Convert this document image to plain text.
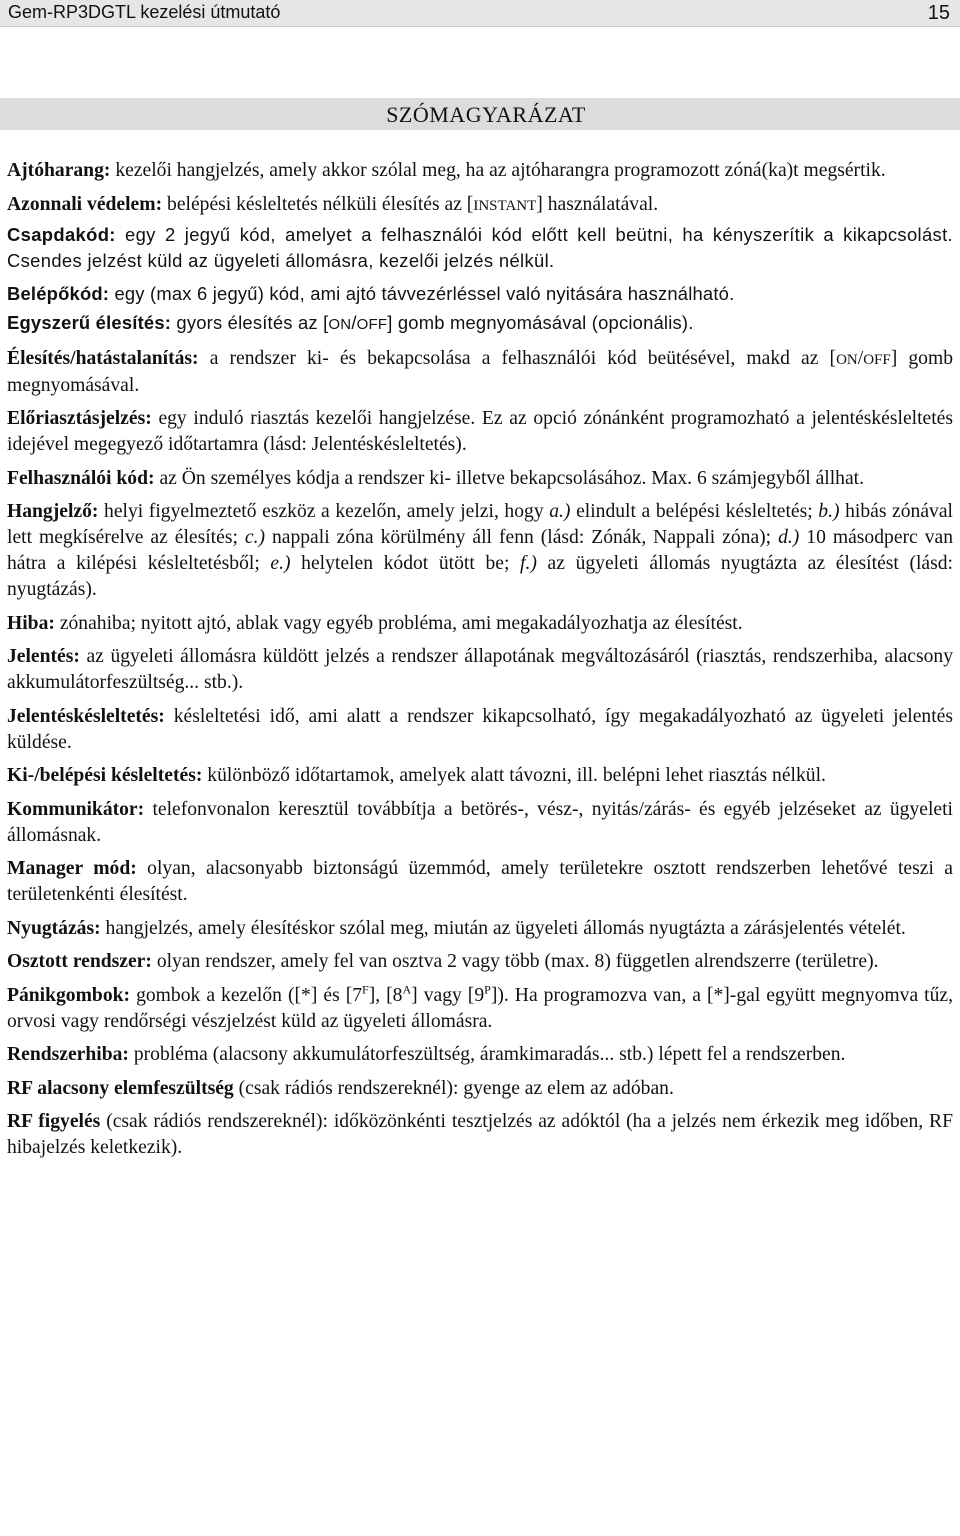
Gem-RP3DGTL kezelési útmutató	15
SZÓMAGYARÁZAT

Ajtóharang: kezelői hangjelzés, amely akkor szólal meg, ha az ajtóharangra programozott zóná(ka)t megsértik.

Azonnali védelem: belépési késleltetés nélküli élesítés az [INSTANT] használatával.

Csapdakód: egy 2 jegyű kód, amelyet a felhasználói kód előtt kell beütni, ha kényszerítik a kikapcsolást. Csendes jelzést küld az ügyeleti állomásra, kezelői jelzés nélkül.

Belépőkód: egy (max 6 jegyű) kód, ami ajtó távvezérléssel való nyitására használható.

Egyszerű élesítés: gyors élesítés az [ON/OFF] gomb megnyomásával (opcionális).

Élesítés/hatástalanítás: a rendszer ki- és bekapcsolása a felhasználói kód beütésével, makd az [ON/OFF] gomb megnyomásával.

Előriasztásjelzés: egy induló riasztás kezelői hangjelzése. Ez az opció zónánként programozható a jelentéskésleltetés idejével megegyező időtartamra (lásd: Jelentéskésleltetés).

Felhasználói kód: az Ön személyes kódja a rendszer ki- illetve bekapcsolásához. Max. 6 számjegyből állhat.

Hangjelző: helyi figyelmeztető eszköz a kezelőn, amely jelzi, hogy a.) elindult a belépési késleltetés; b.) hibás zónával lett megkísérelve az élesítés; c.) nappali zóna körülmény áll fenn (lásd: Zónák, Nappali zóna); d.) 10 másodperc van hátra a kilépési késleltetésből; e.) helytelen kódot ütött be; f.) az ügyeleti állomás nyugtázta az élesítést (lásd: nyugtázás).

Hiba: zónahiba; nyitott ajtó, ablak vagy egyéb probléma, ami megakadályozhatja az élesítést.

Jelentés: az ügyeleti állomásra küldött jelzés a rendszer állapotának megváltozásáról (riasztás, rendszerhiba, alacsony akkumulátorfeszültség... stb.).

Jelentéskésleltetés: késleltetési idő, ami alatt a rendszer kikapcsolható, így megakadályozható az ügyeleti jelentés küldése.

Ki-/belépési késleltetés: különböző időtartamok, amelyek alatt távozni, ill. belépni lehet riasztás nélkül.

Kommunikátor: telefonvonalon keresztül továbbítja a betörés-, vész-, nyitás/zárás- és egyéb jelzéseket az ügyeleti állomásnak.

Manager mód: olyan, alacsonyabb biztonságú üzemmód, amely területekre osztott rendszerben lehetővé teszi a területenkénti élesítést.

Nyugtázás: hangjelzés, amely élesítéskor szólal meg, miután az ügyeleti állomás nyugtázta a zárásjelentés vételét.

Osztott rendszer: olyan rendszer, amely fel van osztva 2 vagy több (max. 8) független alrendszerre (területre).

Pánikgombok: gombok a kezelőn ([*] és $[7^F]$, $[8^A]$ vagy $[9^P]$). Ha programozva van, a [*]-gal együtt megnyomva tűz, orvosi vagy rendőrségi vészjelzést küld az ügyeleti állomásra.

Rendszerhiba: probléma (alacsony akkumulátorfeszültség, áramkimaradás... stb.) lépett fel a rendszerben.

RF alacsony elemfeszültség (csak rádiós rendszereknél): gyenge az elem az adóban.

RF figyelés (csak rádiós rendszereknél): időközönkénti tesztjelzés az adóktól (ha a jelzés nem érkezik meg időben, RF hibajelzés keletkezik).
